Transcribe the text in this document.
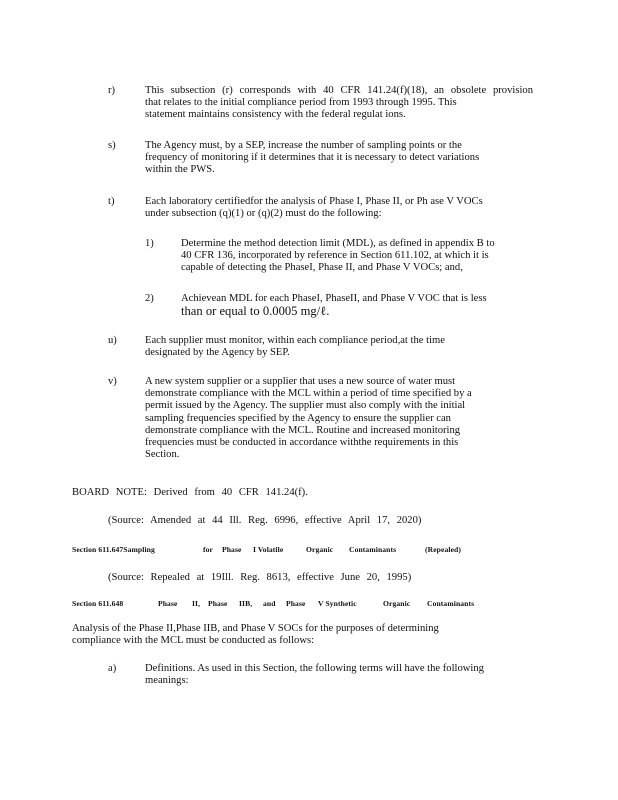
r)	This subsection (r) corresponds with 40 CFR 141.24(f)(18), an obsolete provision
that relates to the initial compliance period from 1993 through 1995. This
statement maintains consistency with the federal regulat ions.
s)	The Agency must, by a SEP, increase the number of sampling points or the
frequency of monitoring if it determines that it is necessary to detect variations
within the PWS.
t)	Each laboratory certifiedfor the analysis of Phase I, Phase II, or Ph ase V VOCs
under subsection (q)(1) or (q)(2) must do the following:
1)	Determine the method detection limit (MDL), as defined in appendix B to
40 CFR 136, incorporated by reference in Section 611.102, at which it is
capable of detecting the PhaseI, Phase II, and Phase V VOCs; and,
2)	Achievean MDL for each PhaseI, PhaseII, and Phase V VOC that is less
than or equal to 0.0005 mg/ℓ.
u)	Each supplier must monitor, within each compliance period,at the time
designated by the Agency by SEP.
v)	A new system supplier or a supplier that uses a new source of water must
demonstrate compliance with the MCL within a period of time specified by a
permit issued by the Agency. The supplier must also comply with the initial
sampling frequencies specified by the Agency to ensure the supplier can
demonstrate compliance with the MCL. Routine and increased monitoring
frequencies must be conducted in accordance withthe requirements in this
Section.
BOARD NOTE: Derived from 40 CFR 141.24(f).
(Source: Amended at 44 Ill. Reg. 6996, effective April 17, 2020)
Section 611.647Sampling	for Phase I Volatile	Organic Contaminants	(Repealed)
(Source: Repealed at 19Ill. Reg. 8613, effective June 20, 1995)
Section 611.648	Phase II, Phase IIB, and Phase V Synthetic	Organic Contaminants
Analysis of the Phase II,Phase IIB, and Phase V SOCs for the purposes of determining
compliance with the MCL must be conducted as follows:
a)	Definitions. As used in this Section, the following terms will have the following
meanings:
